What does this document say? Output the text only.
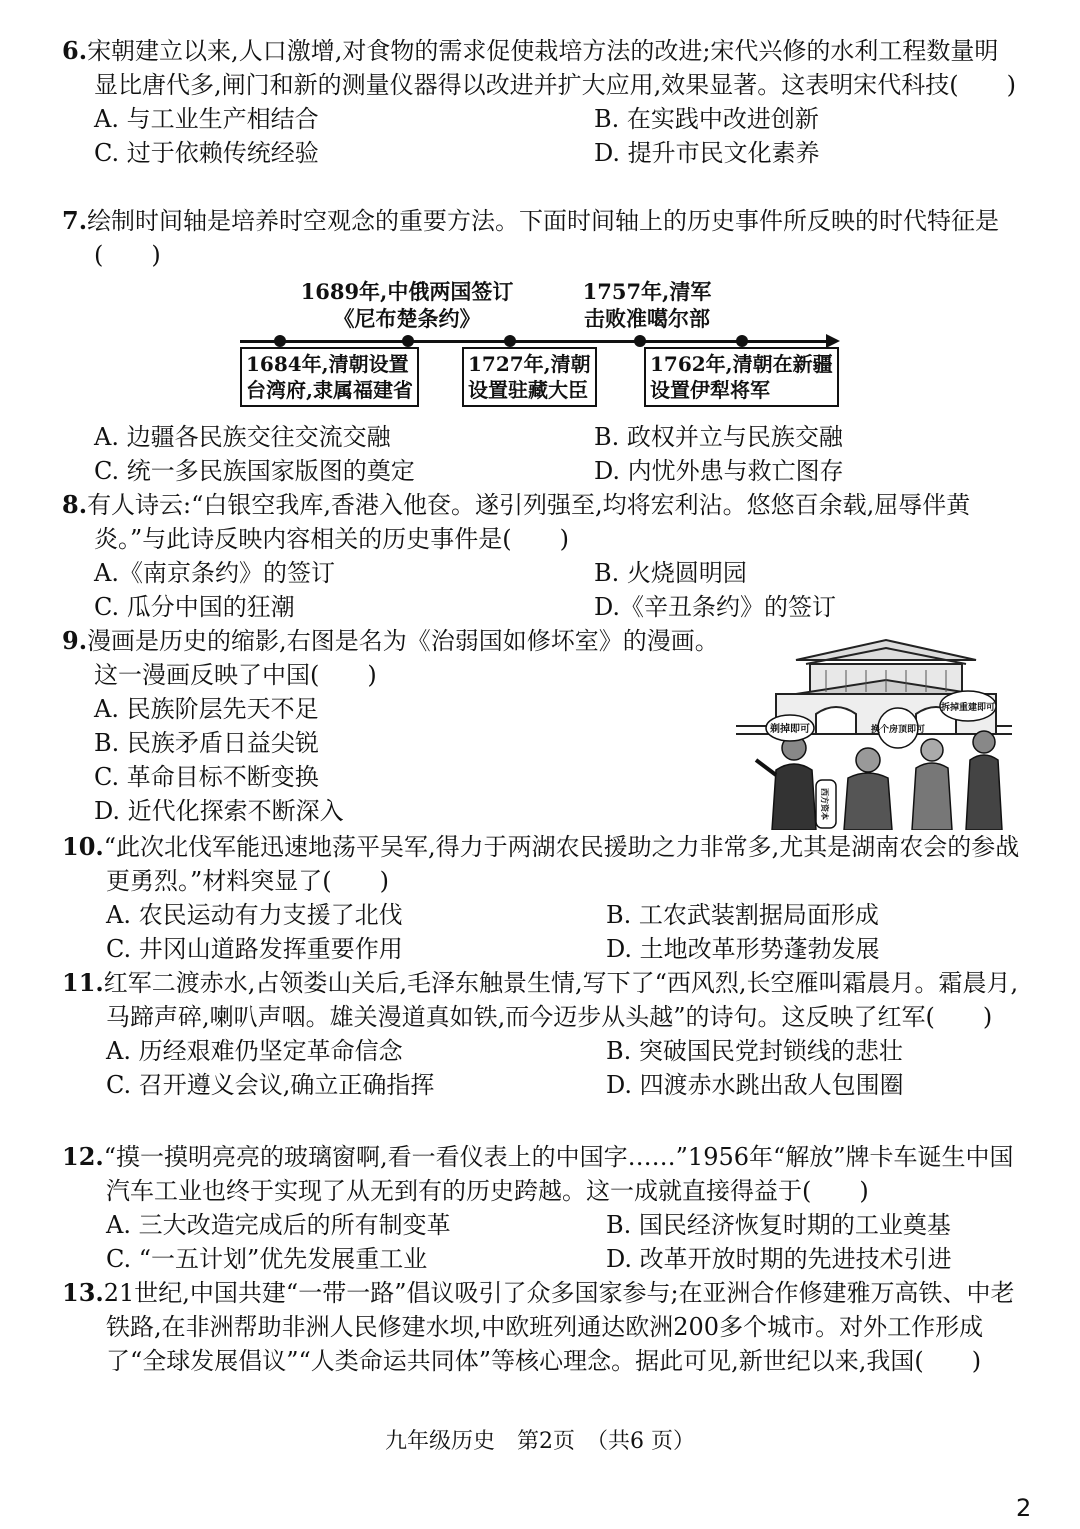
6.宋朝建立以来,人口激增,对食物的需求促使栽培方法的改进;宋代兴修的水利工程数量明显比唐代多,闸门和新的测量仪器得以改进并扩大应用,效果显著。这表明宋代科技(　　)

A. 与工业生产相结合	B. 在实践中改进创新
C. 过于依赖传统经验	D. 提升市民文化素养

7.绘制时间轴是培养时空观念的重要方法。下面时间轴上的历史事件所反映的时代特征是(　　)

1689年,中俄两国签订
《尼布楚条约》
1757年,清军
击败准噶尔部
1684年,清朝设置
台湾府,隶属福建省
1727年,清朝
设置驻藏大臣
1762年,清朝在新疆
设置伊犁将军
A. 边疆各民族交往交流交融	B. 政权并立与民族交融
C. 统一多民族国家版图的奠定	D. 内忧外患与救亡图存

8.有人诗云:“白银空我库,香港入他奁。遂引列强至,均将宏利沾。悠悠百余载,屈辱伴黄炎。”与此诗反映内容相关的历史事件是(　　)

A.《南京条约》的签订	B. 火烧圆明园
C. 瓜分中国的狂潮	D.《辛丑条约》的签订

9.漫画是历史的缩影,右图是名为《治弱国如修坏室》的漫画。这一漫画反映了中国(　　)

A. 民族阶层先天不足
B. 民族矛盾日益尖锐
C. 革命目标不断变换
D. 近代化探索不断深入
剃掉即可	换个房顶即可
拆掉重建即可
西方资本

10.“此次北伐军能迅速地荡平吴军,得力于两湖农民援助之力非常多,尤其是湖南农会的参战更勇烈。”材料突显了(　　)

A. 农民运动有力支援了北伐	B. 工农武装割据局面形成
C. 井冈山道路发挥重要作用	D. 土地改革形势蓬勃发展

11.红军二渡赤水,占领娄山关后,毛泽东触景生情,写下了“西风烈,长空雁叫霜晨月。霜晨月,马蹄声碎,喇叭声咽。雄关漫道真如铁,而今迈步从头越”的诗句。这反映了红军(　　)

A. 历经艰难仍坚定革命信念	B. 突破国民党封锁线的悲壮
C. 召开遵义会议,确立正确指挥	D. 四渡赤水跳出敌人包围圈

12.“摸一摸明亮亮的玻璃窗啊,看一看仪表上的中国字……”1956年“解放”牌卡车诞生中国汽车工业也终于实现了从无到有的历史跨越。这一成就直接得益于(　　)

A. 三大改造完成后的所有制变革	B. 国民经济恢复时期的工业奠基
C. “一五计划”优先发展重工业	D. 改革开放时期的先进技术引进

13.21世纪,中国共建“一带一路”倡议吸引了众多国家参与;在亚洲合作修建雅万高铁、中老铁路,在非洲帮助非洲人民修建水坝,中欧班列通达欧洲200多个城市。对外工作形成了“全球发展倡议”“人类命运共同体”等核心理念。据此可见,新世纪以来,我国(　　)

九年级历史　第2页　（共6 页）
2
